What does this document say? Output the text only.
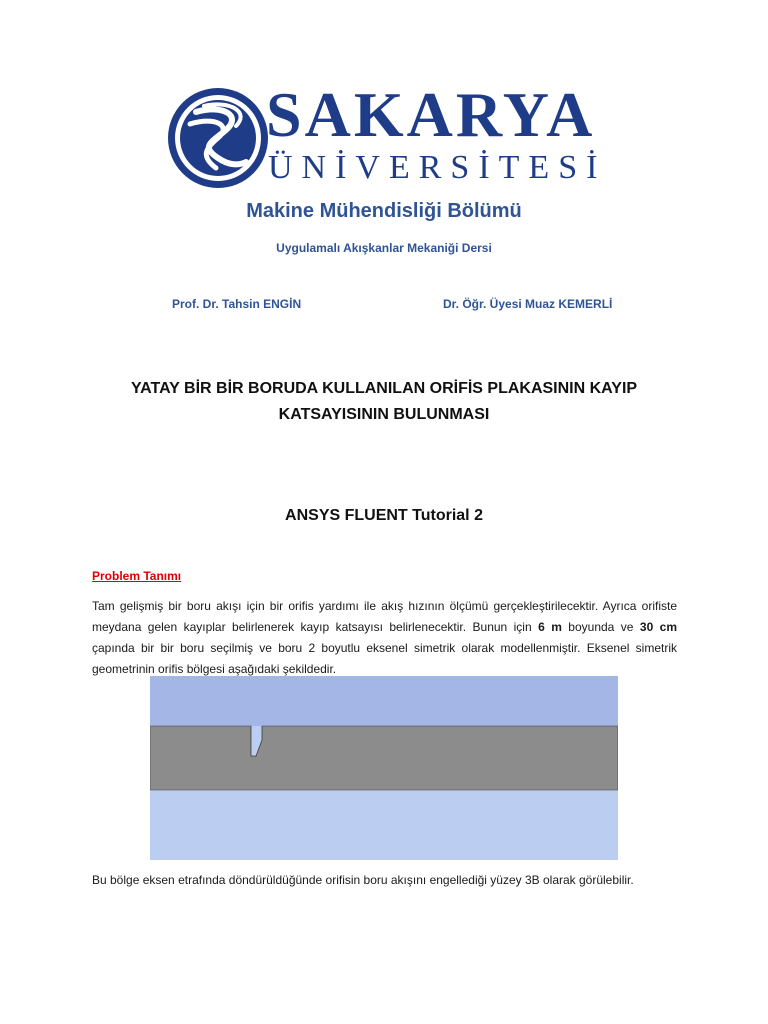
SAKARYA
ÜNİVERSİTESİ
Makine Mühendisliği Bölümü
Uygulamalı Akışkanlar Mekaniği Dersi
Prof. Dr. Tahsin ENGİN	Dr. Öğr. Üyesi Muaz KEMERLİ
YATAY BİR BİR BORUDA KULLANILAN ORİFİS PLAKASININ KAYIP
KATSAYISININ BULUNMASI
ANSYS FLUENT Tutorial 2
Problem Tanımı

Tam gelişmiş bir boru akışı için bir orifis yardımı ile akış hızının ölçümü gerçekleştirilecektir. Ayrıca orifiste meydana gelen kayıplar belirlenerek kayıp katsayısı belirlenecektir. Bunun için 6 m boyunda ve 30 cm çapında bir bir boru seçilmiş ve boru 2 boyutlu eksenel simetrik olarak modellenmiştir. Eksenel simetrik geometrinin orifis bölgesi aşağıdaki şekildedir.

Bu bölge eksen etrafında döndürüldüğünde orifisin boru akışını engellediği yüzey 3B olarak görülebilir.
